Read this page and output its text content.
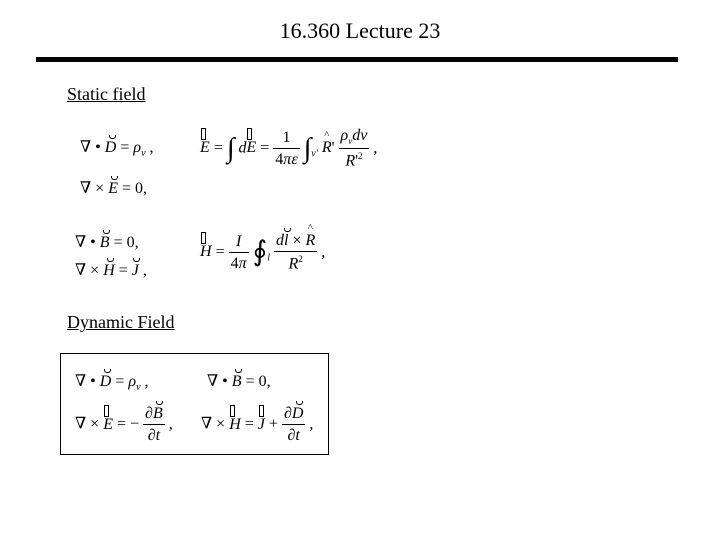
16.360 Lecture 23
Static field
∇ • $D = \rho_v$ ,
∇ × E = 0,
E = ∫ dE = $\frac{1}{4\pi\varepsilon} \int_{v'}$ ^ $R' \frac{\rho_vdv}{R'^2}$ ,
∇ • B = 0,
∇ × H = J ,
$H = \frac{I}{4\pi}$ $∮_l \frac{dl \times \^{} R}{R^2}$ ,
Dynamic Field
∇ • $D = \rho_v$ ,	∇ • B = 0,
∇ × E = − $\frac{\partial B}{\partial t}$ , ∇ × $H = J + \frac{\partial D}{\partial t}$ ,
